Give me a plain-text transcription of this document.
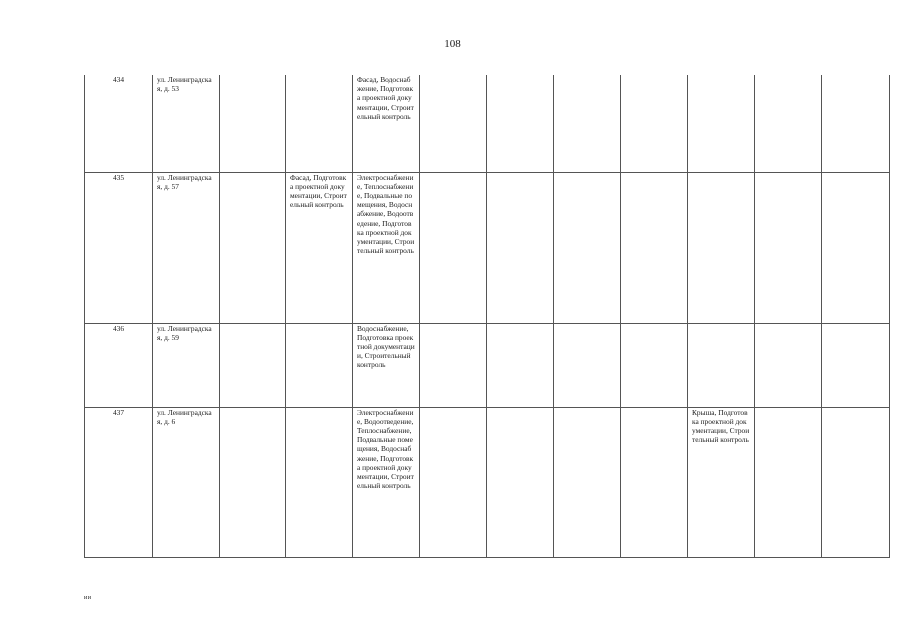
108
434	ул. Ленинградская, д. 53			Фасад, Водоснабжение, Подготовка проектной документации, Строительный контроль							
435	ул. Ленинградская, д. 57		Фасад, Подготовка проектной документации, Строительный контроль	Электроснабжение, Теплоснабжение, Подвальные помещения, Водоснабжение, Водоотведение, Подготовка проектной документации, Строительный контроль							
436	ул. Ленинградская, д. 59			Водоснабжение, Подготовка проектной документации, Строительный контроль							
437	ул. Ленинградская, д. 6			Электроснабжение, Водоотведение, Теплоснабжение, Подвальные помещения, Водоснабжение, Подготовка проектной документации, Строительный контроль					Крыша, Подготовка проектной документации, Строительный контроль		
ии
